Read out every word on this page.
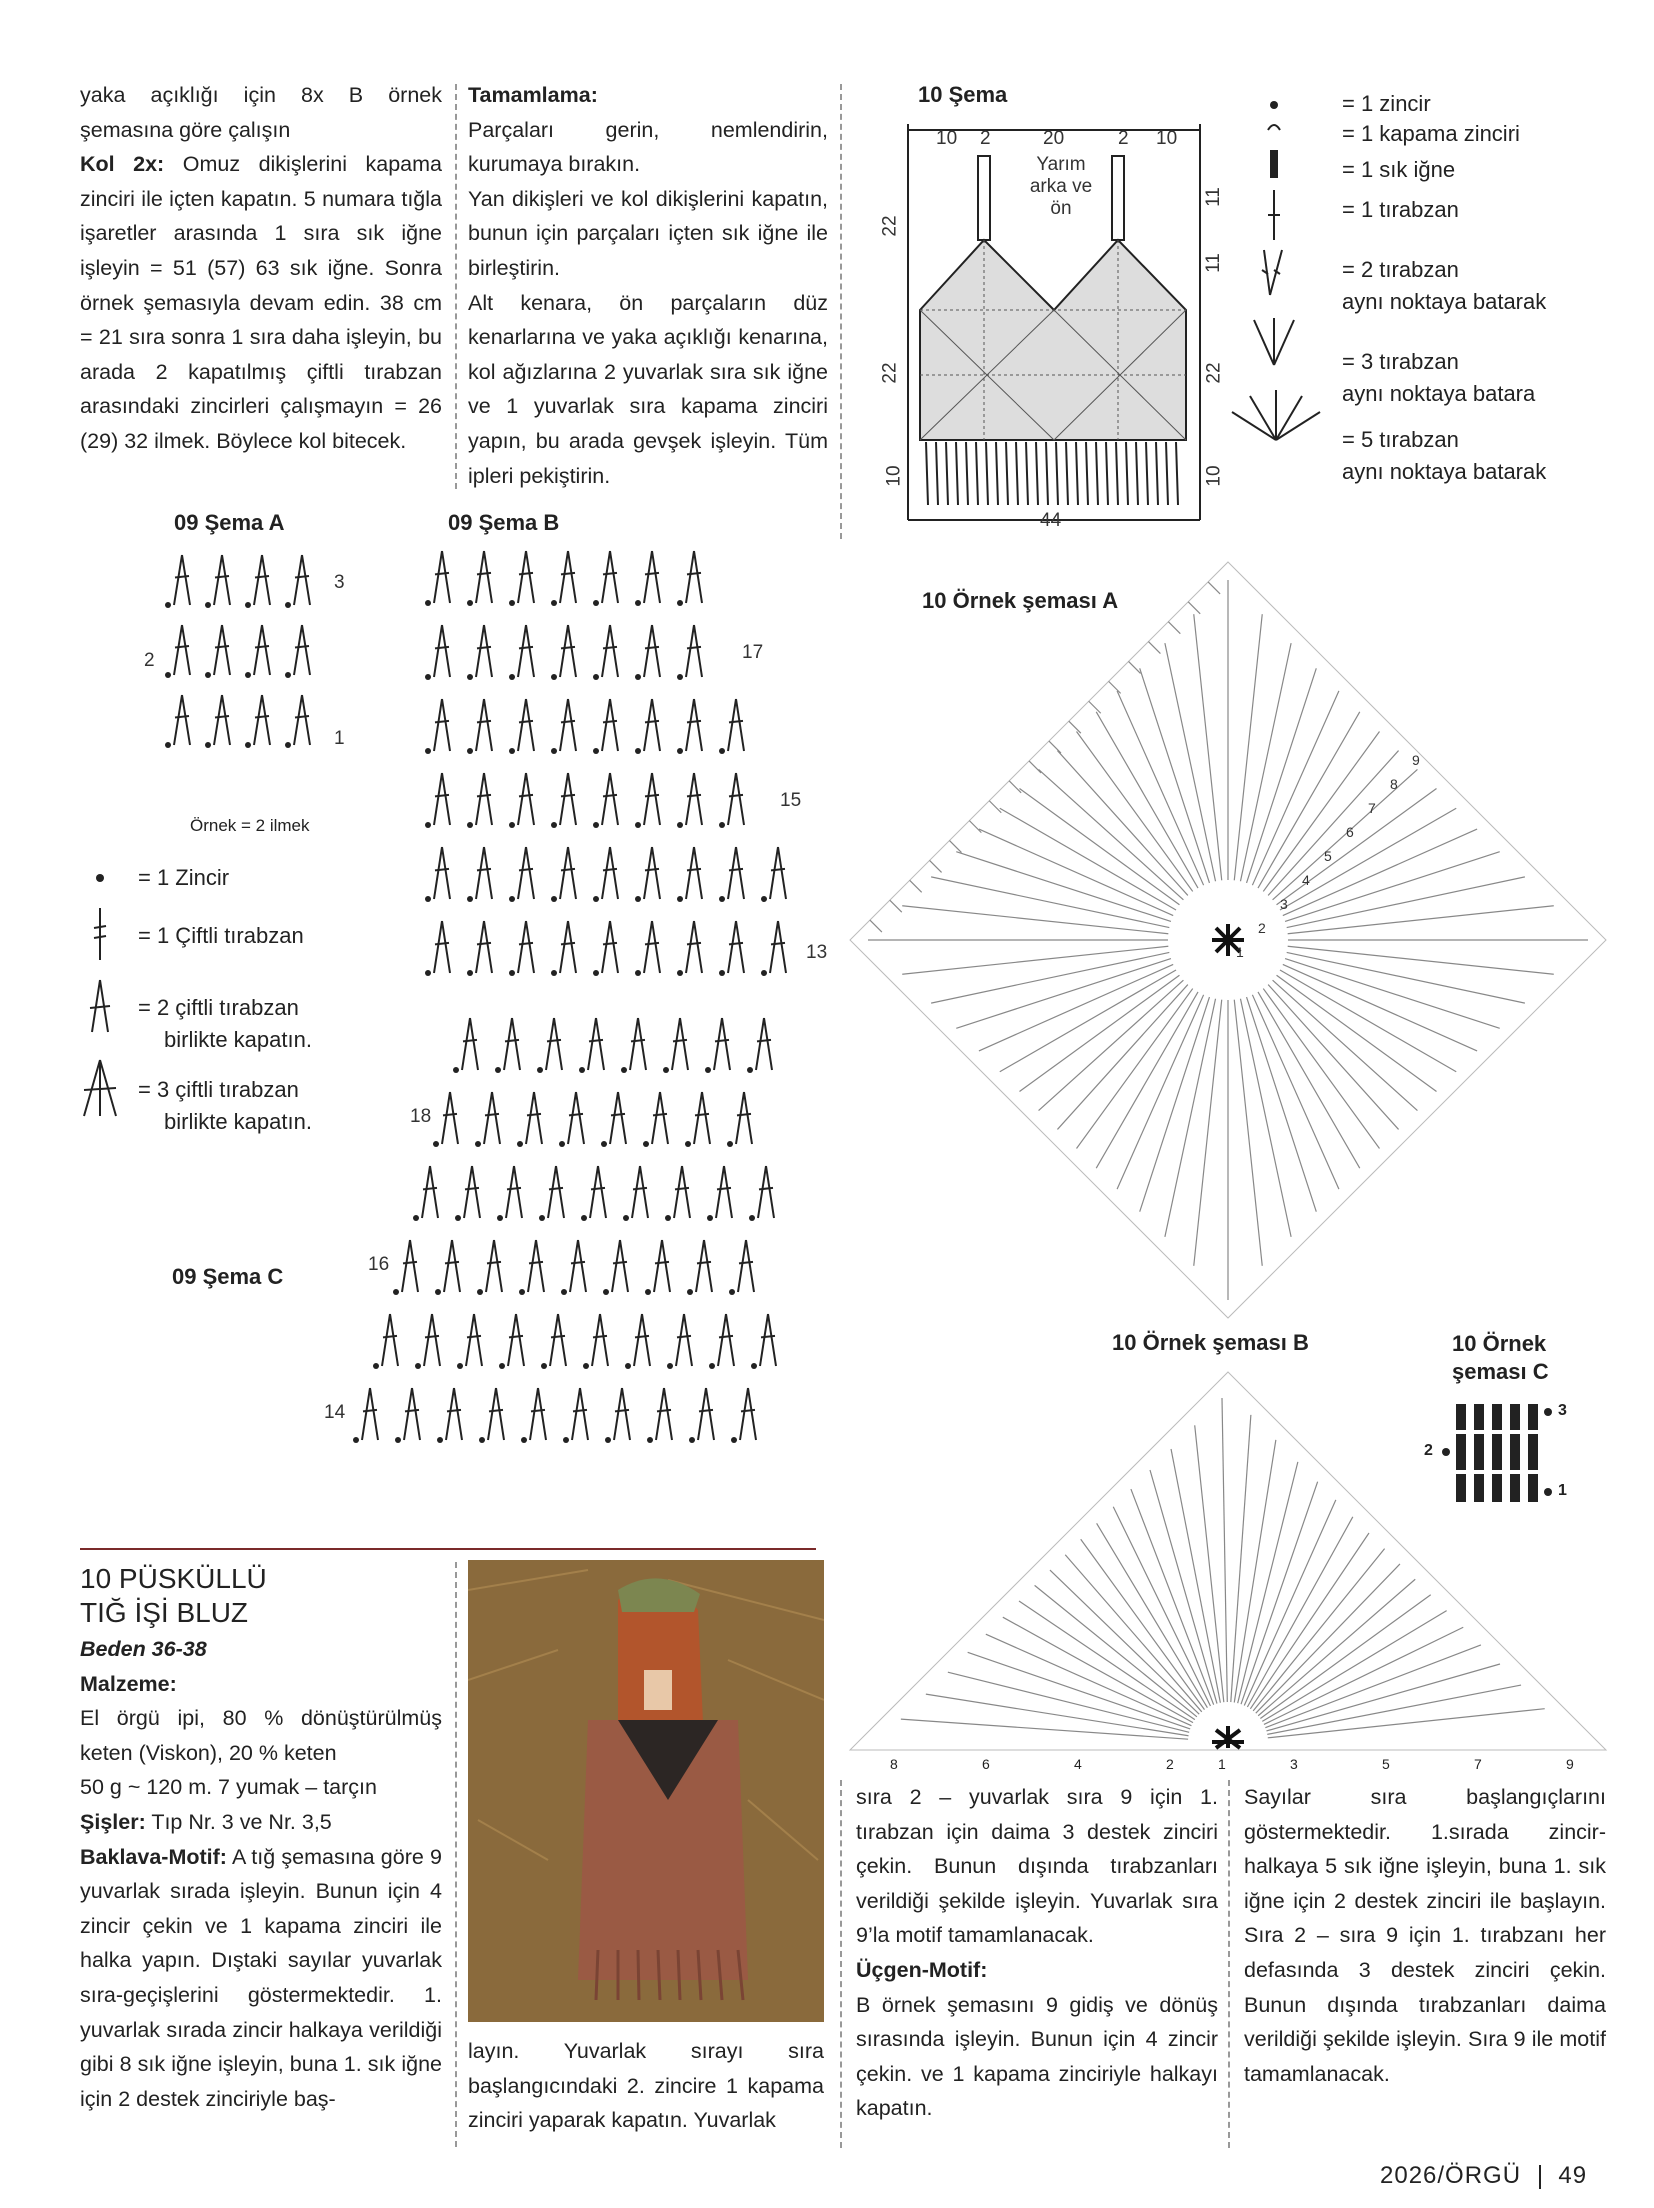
yaka açıklığı için 8x B örnek şemasına göre çalışın

Kol 2x: Omuz dikişlerini kapama zinciri ile içten kapatın. 5 numara tığla işaretler arasında 1 sıra sık iğne işleyin = 51 (57) 63 sık iğne. Sonra örnek şemasıyla devam edin. 38 cm = 21 sıra sonra 1 sıra daha işleyin, bu arada 2 kapatılmış çiftli tırabzan arasındaki zincirleri çalışmayın = 26 (29) 32 ilmek. Böylece kol bitecek.

Tamamlama:

Parçaları gerin, nemlendirin, kurumaya bırakın.

Yan dikişleri ve kol dikişlerini kapatın, bunun için parçaları içten sık iğne ile birleştirin.

Alt kenara, ön parçaların düz kenarlarına ve yaka açıklığı kenarına, kol ağızlarına 2 yuvarlak sıra sık iğne ve 1 yuvarlak sıra kapama zinciri yapın, bu arada gevşek işleyin. Tüm ipleri pekiştirin.

10 Şema
10 2	20	2 10
Yarım arka ve ön
22
22
10
11
11
22
10
44
= 1 zincir
= 1 kapama zinciri
= 1 sık iğne
= 1 tırabzan
= 2 tırabzan
aynı noktaya batarak
= 3 tırabzan
aynı noktaya batara
= 5 tırabzan
aynı noktaya batarak
09 Şema A	09 Şema B
09 Şema C
3
2
1
Örnek = 2 ilmek
17
15
13
18
16
14
= 1 Zincir
= 1 Çiftli tırabzan
= 2 çiftli tırabzan
birlikte kapatın.
= 3 çiftli tırabzan
birlikte kapatın.
10 Örnek şeması A
1
2
3
4
5
6
7
8
9
10 Örnek şeması B
8	6	4	2	1	3	5	7	9
10 Örnek şeması C
3
2
1
10 PÜSKÜLLÜ
TIĞ İŞİ BLUZ

Beden 36-38

Malzeme:

El örgü ipi, 80 % dönüştürülmüş keten (Viskon), 20 % keten

50 g ~ 120 m. 7 yumak – tarçın

Şişler: Tıp Nr. 3 ve Nr. 3,5

Baklava-Motif: A tığ şemasına göre 9 yuvarlak sırada işleyin. Bunun için 4 zincir çekin ve 1 kapama zinciri ile halka yapın. Dıştaki sayılar yuvarlak sıra-geçişlerini göstermektedir. 1. yuvarlak sırada zincir halkaya verildiği gibi 8 sık iğne işleyin, buna 1. sık iğne için 2 destek zinciriyle baş-

layın. Yuvarlak sırayı sıra başlangıcındaki 2. zincire 1 kapama zinciri yaparak kapatın. Yuvarlak

sıra 2 – yuvarlak sıra 9 için 1. tırabzan için daima 3 destek zinciri çekin. Bunun dışında tırabzanları verildiği şekilde işleyin. Yuvarlak sıra 9’la motif tamamlanacak.

Üçgen-Motif:

B örnek şemasını 9 gidiş ve dönüş sırasında işleyin. Bunun için 4 zincir çekin. ve 1 kapama zinciriyle halkayı kapatın.

Sayılar sıra başlangıçlarını göstermektedir. 1.sırada zincir-halkaya 5 sık iğne işleyin, buna 1. sık iğne için 2 destek zinciri ile başlayın. Sıra 2 – sıra 9 için 1. tırabzanı her defasında 3 destek zinciri çekin. Bunun dışında tırabzanları daima verildiği şekilde işleyin. Sıra 9 ile motif tamamlanacak.

2026/ÖRGÜ 49
